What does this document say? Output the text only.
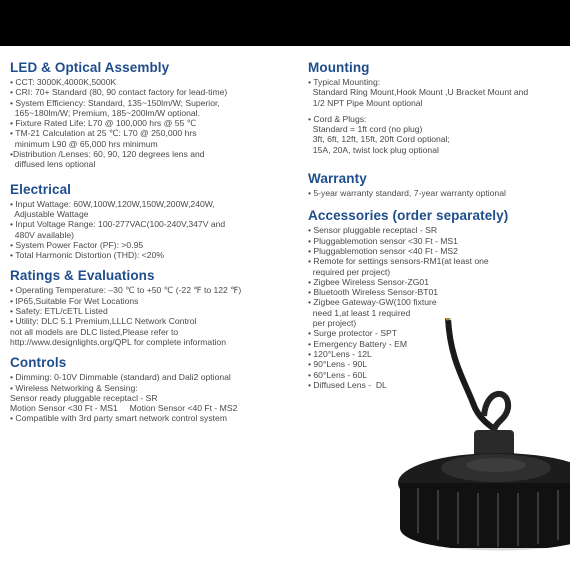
LED & Optical Assembly
• CCT: 3000K,4000K,5000K
• CRI: 70+ Standard (80, 90 contact factory for lead-time)
• System Efficiency: Standard, 135~150lm/W; Superior,
165~180lm/W; Premium, 185~200lm/W optional.
• Fixture Rated Life: L70 @ 100,000 hrs @ 55 ℃
• TM-21 Calculation at 25 ℃: L70 @ 250,000 hrs
minimum L90 @ 65,000 hrs minimum
•Distribution /Lenses: 60, 90, 120 degrees lens and
diffused lens optional
Electrical
• Input Wattage: 60W,100W,120W,150W,200W,240W,
Adjustable Wattage
• Input Voltage Range: 100-277VAC(100-240V,347V and
480V available)
• System Power Factor (PF): >0.95
• Total Harmonic Distortion (THD): <20%
Ratings & Evaluations
• Operating Temperature: –30 ℃ to +50 ℃ (-22 ℉ to 122 ℉)
• IP65,Suitable For Wet Locations
• Safety: ETL/cETL Listed
• Utility: DLC 5.1 Premium,LLLC Network Control
not all models are DLC listed,Please refer to
http://www.designlights.org/QPL for complete information
Controls
• Dimming: 0-10V Dimmable (standard) and Dali2 optional
• Wireless Networking & Sensing:
Sensor ready pluggable receptacl - SR
Motion Sensor <30 Ft - MS1     Motion Sensor <40 Ft - MS2
• Compatible with 3rd party smart network control system
Mounting
• Typical Mounting:
Standard Ring Mount,Hook Mount ,U Bracket Mount and
1/2 NPT Pipe Mount optional
• Cord & Plugs:
Standard = 1ft cord (no plug)
3ft, 6ft, 12ft, 15ft, 20ft Cord optional;
15A, 20A, twist lock plug optional
Warranty
• 5-year warranty standard, 7-year warranty optional
Accessories (order separately)
• Sensor pluggable receptacl - SR
• Pluggablemotion sensor <30 Ft - MS1
• Pluggablemotion sensor <40 Ft - MS2
• Remote for settings sensors-RM1(at least one
required per project)
• Zigbee Wireless Sensor-ZG01
• Bluetooth Wireless Sensor-BT01
• Zigbee Gateway-GW(100 fixture
need 1,at least 1 required
per project)
• Surge protector - SPT
• Emergency Battery - EM
• 120°Lens - 12L
• 90°Lens - 90L
• 60°Lens - 60L
• Diffused Lens -  DL
